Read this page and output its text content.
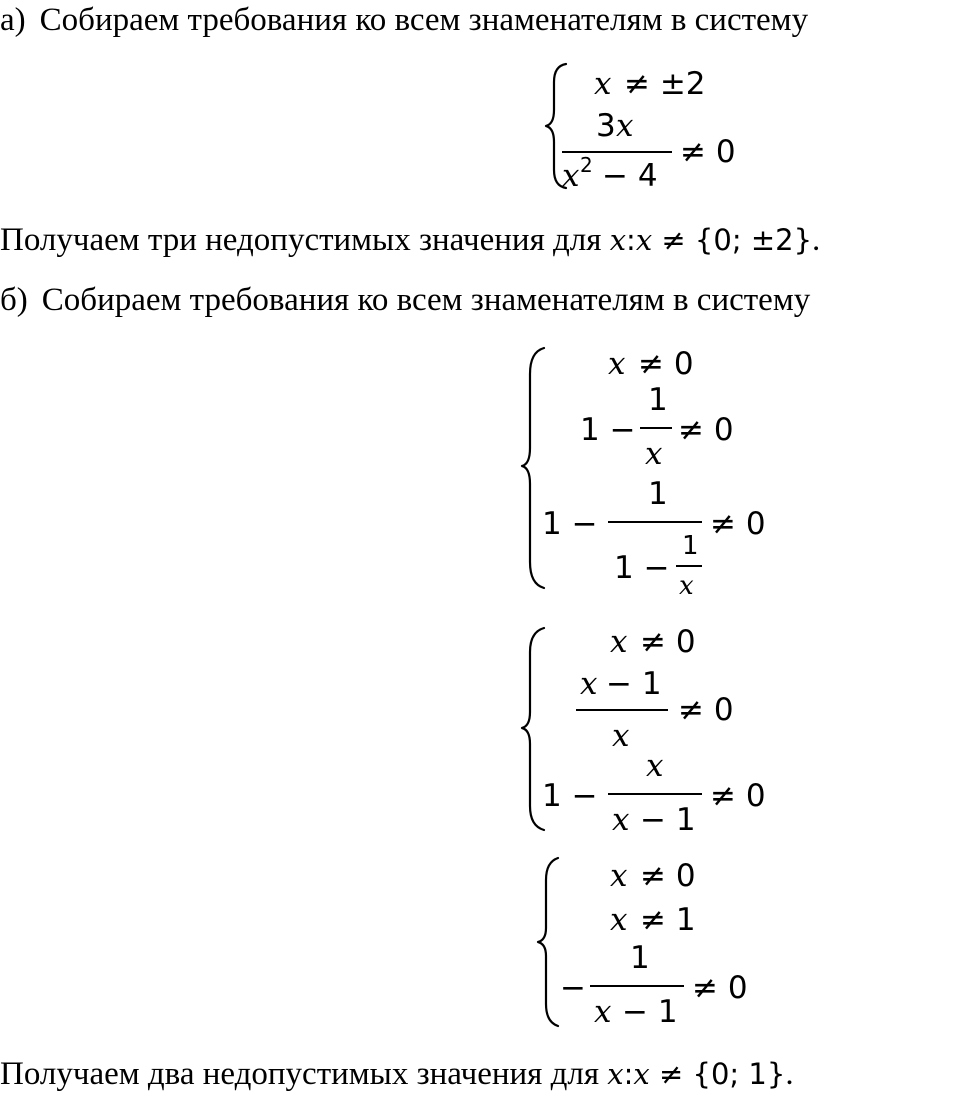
а) Собираем требования ко всем знаменателям в систему
x ≠ ±2
3 x
x 2 − 4
≠ 0
Получаем три недопустимых значения для x:x ≠ {0; ±2}.
б) Собираем требования ко всем знаменателям в систему
x ≠ 0
1 −
1
x
≠ 0
1 −
1
1 −
1
x
≠ 0
x ≠ 0
x − 1
x
≠ 0
1 −
x
x − 1
≠ 0
x ≠ 0
x ≠ 1
−
1
x − 1
≠ 0
Получаем два недопустимых значения для x:x ≠ {0; 1}.
